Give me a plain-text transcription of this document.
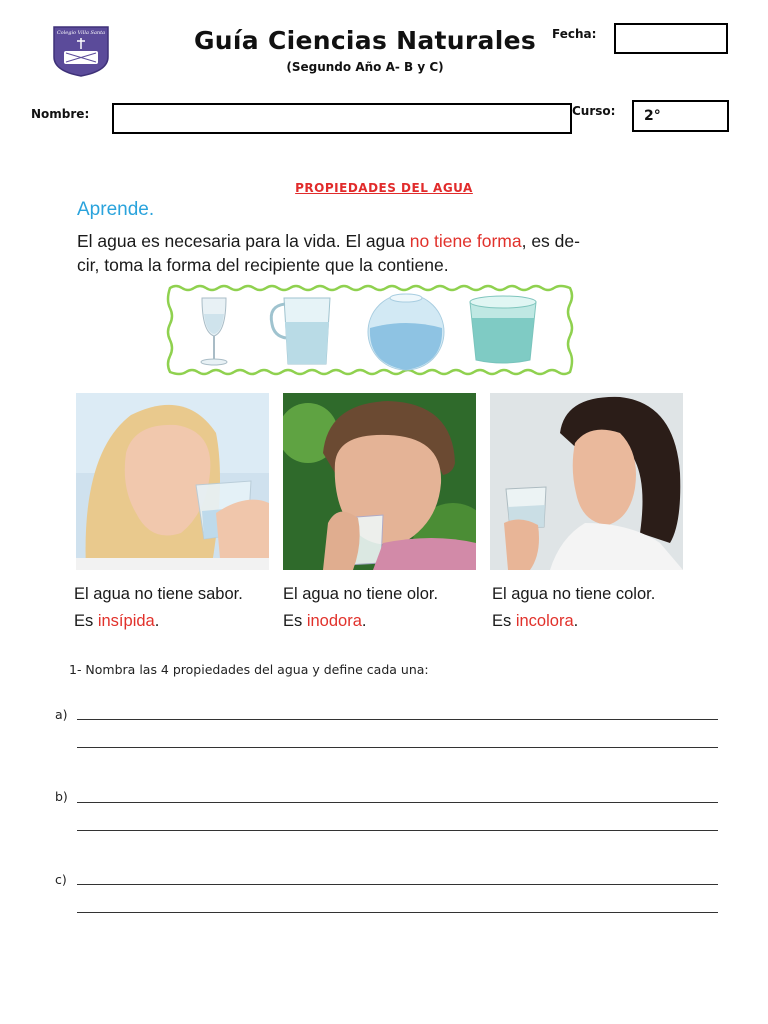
Colegio Villa Santa	Guía Ciencias Naturales
(Segundo Año A- B y C)
Fecha:
Nombre:	Curso:	2°
PROPIEDADES DEL AGUA
Aprende.
El agua es necesaria para la vida. El agua no tiene forma, es de-
cir, toma la forma del recipiente que la contiene.
El agua no tiene sabor.
Es insípida.
El agua no tiene olor.
Es inodora.
El agua no tiene color.
Es incolora.
1- Nombra las 4 propiedades del agua y define cada una:
a)
b)
c)
